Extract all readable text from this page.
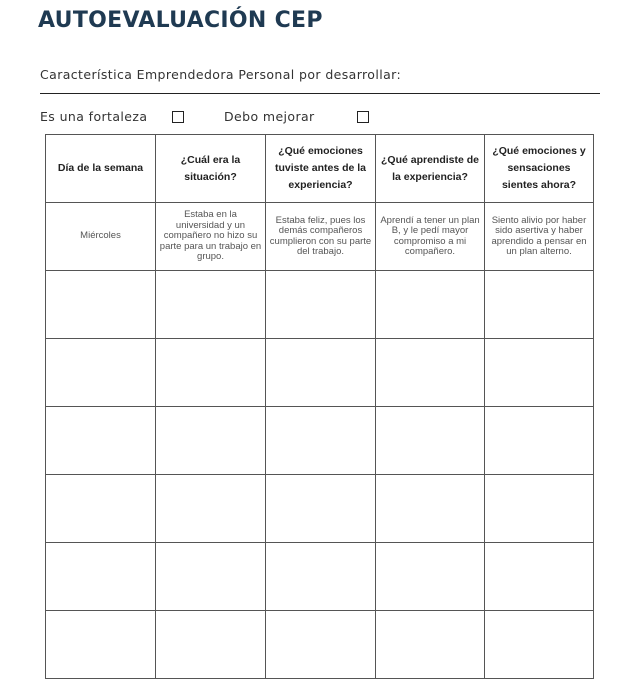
AUTOEVALUACIÓN CEP
Característica Emprendedora Personal por desarrollar:
Es una fortaleza	Debo mejorar
Día de la semana	¿Cuál era la situación?	¿Qué emociones tuviste antes de la experiencia?	¿Qué aprendiste de la experiencia?	¿Qué emociones y sensaciones sientes ahora?
Miércoles	Estaba en la universidad y un compañero no hizo su parte para un trabajo en grupo.	Estaba feliz, pues los demás compañeros cumplieron con su parte del trabajo.	Aprendí a tener un plan B, y le pedí mayor compromiso a mi compañero.	Siento alivio por haber sido asertiva y haber aprendido a pensar en un plan alterno.
